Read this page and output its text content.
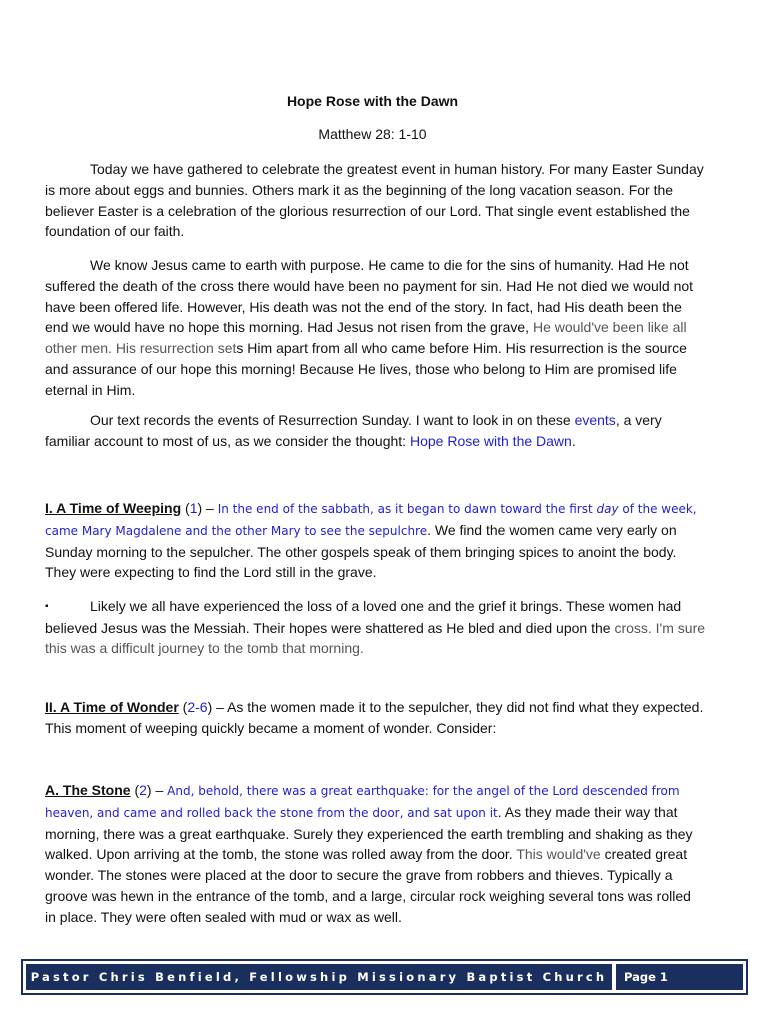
Hope Rose with the Dawn
Matthew 28: 1-10

Today we have gathered to celebrate the greatest event in human history. For many Easter Sunday is more about eggs and bunnies. Others mark it as the beginning of the long vacation season. For the believer Easter is a celebration of the glorious resurrection of our Lord. That single event established the foundation of our faith.

We know Jesus came to earth with purpose. He came to die for the sins of humanity. Had He not suffered the death of the cross there would have been no payment for sin. Had He not died we would not have been offered life. However, His death was not the end of the story. In fact, had His death been the end we would have no hope this morning. Had Jesus not risen from the grave, He would've been like all other men. His resurrection sets Him apart from all who came before Him. His resurrection is the source and assurance of our hope this morning! Because He lives, those who belong to Him are promised life eternal in Him.

Our text records the events of Resurrection Sunday. I want to look in on these events, a very familiar account to most of us, as we consider the thought: Hope Rose with the Dawn.

I. A Time of Weeping (1) – In the end of the sabbath, as it began to dawn toward the first day of the week, came Mary Magdalene and the other Mary to see the sepulchre. We find the women came very early on Sunday morning to the sepulcher. The other gospels speak of them bringing spices to anoint the body. They were expecting to find the Lord still in the grave.

▪	Likely we all have experienced the loss of a loved one and the grief it brings. These women had believed Jesus was the Messiah. Their hopes were shattered as He bled and died upon the cross. I'm sure this was a difficult journey to the tomb that morning.

II. A Time of Wonder (2-6) – As the women made it to the sepulcher, they did not find what they expected. This moment of weeping quickly became a moment of wonder. Consider:

A. The Stone (2) – And, behold, there was a great earthquake: for the angel of the Lord descended from heaven, and came and rolled back the stone from the door, and sat upon it. As they made their way that morning, there was a great earthquake. Surely they experienced the earth trembling and shaking as they walked. Upon arriving at the tomb, the stone was rolled away from the door. This would've created great wonder. The stones were placed at the door to secure the grave from robbers and thieves. Typically a groove was hewn in the entrance of the tomb, and a large, circular rock weighing several tons was rolled in place. They were often sealed with mud or wax as well.

Pastor Chris Benfield, Fellowship Missionary Baptist Church	Page 1
